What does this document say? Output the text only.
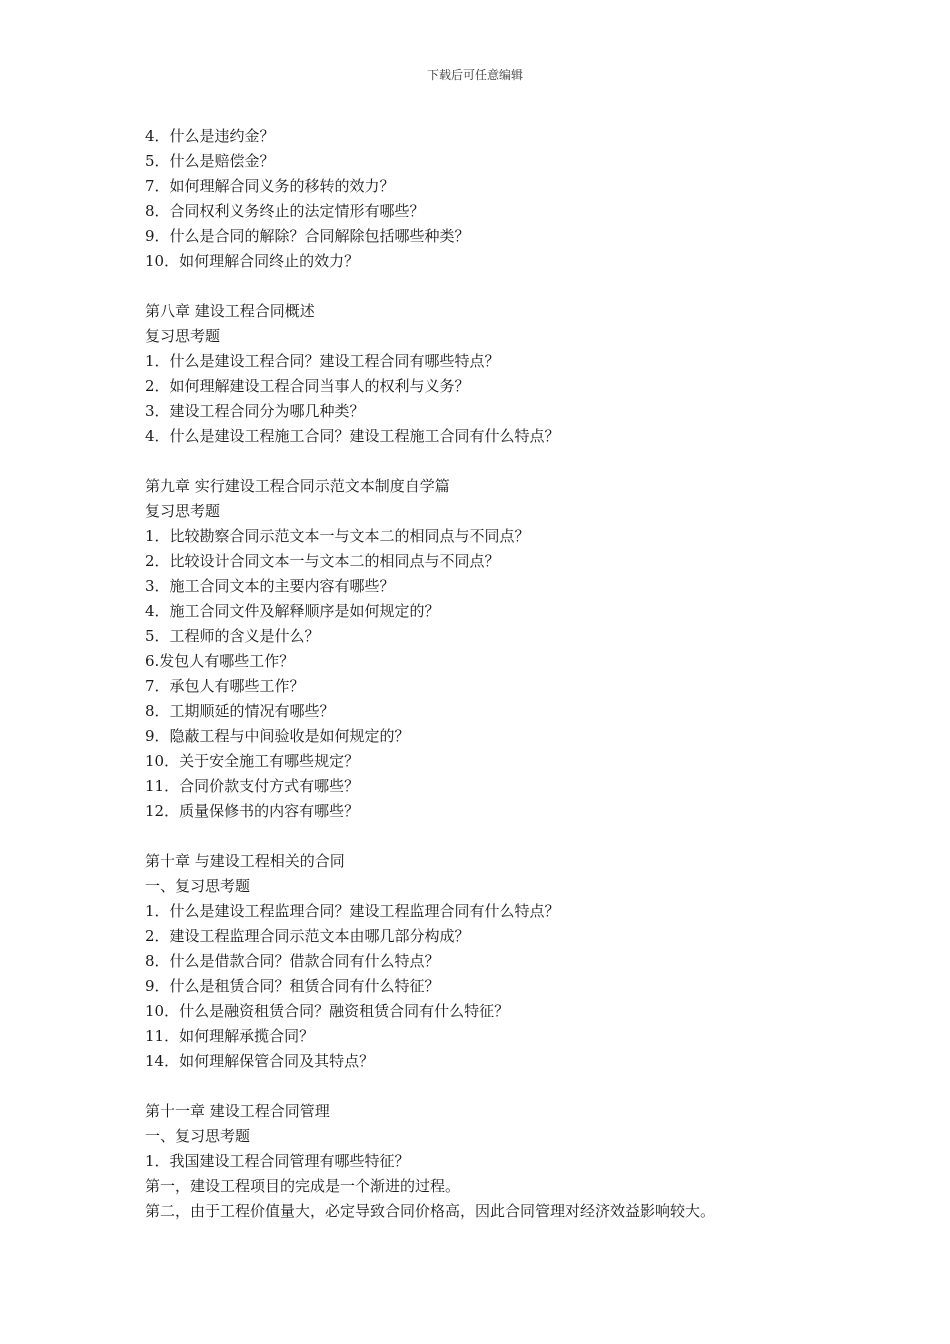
下载后可任意编辑
4．什么是违约金？
5．什么是赔偿金？
7．如何理解合同义务的移转的效力？
8．合同权利义务终止的法定情形有哪些？
9．什么是合同的解除？合同解除包括哪些种类？
10．如何理解合同终止的效力？
第八章 建设工程合同概述
复习思考题
1．什么是建设工程合同？建设工程合同有哪些特点？
2．如何理解建设工程合同当事人的权利与义务？
3．建设工程合同分为哪几种类？
4．什么是建设工程施工合同？建设工程施工合同有什么特点？
第九章 实行建设工程合同示范文本制度自学篇
复习思考题
1．比较勘察合同示范文本一与文本二的相同点与不同点？
2．比较设计合同文本一与文本二的相同点与不同点？
3．施工合同文本的主要内容有哪些？
4．施工合同文件及解释顺序是如何规定的？
5．工程师的含义是什么？
6.发包人有哪些工作？
7．承包人有哪些工作？
8．工期顺延的情况有哪些？
9．隐蔽工程与中间验收是如何规定的？
10．关于安全施工有哪些规定？
11．合同价款支付方式有哪些？
12．质量保修书的内容有哪些？
第十章 与建设工程相关的合同
一、复习思考题
1．什么是建设工程监理合同？建设工程监理合同有什么特点？
2．建设工程监理合同示范文本由哪几部分构成？
8．什么是借款合同？借款合同有什么特点？
9．什么是租赁合同？租赁合同有什么特征？
10．什么是融资租赁合同？融资租赁合同有什么特征？
11．如何理解承揽合同？
14．如何理解保管合同及其特点？
第十一章 建设工程合同管理
一、复习思考题
1．我国建设工程合同管理有哪些特征？
第一，建设工程项目的完成是一个渐进的过程。
第二，由于工程价值量大，必定导致合同价格高，因此合同管理对经济效益影响较大。
